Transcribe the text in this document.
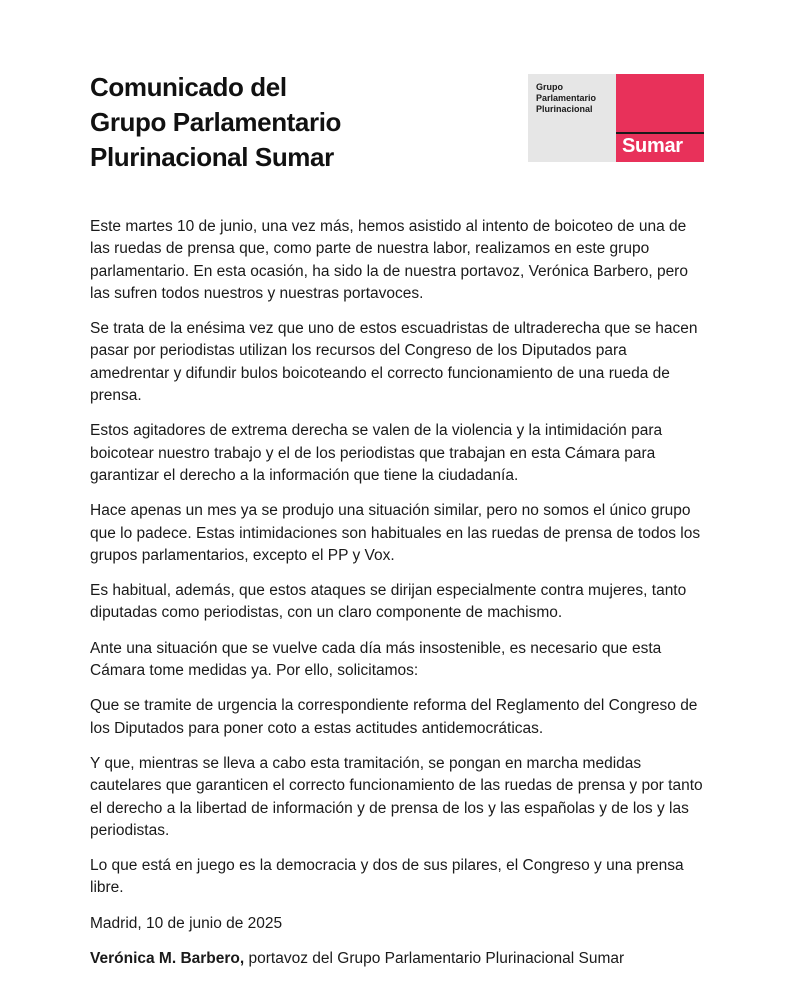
Comunicado del
Grupo Parlamentario
Plurinacional Sumar
Grupo
Parlamentario
Plurinacional
Sumar

Este martes 10 de junio, una vez más, hemos asistido al intento de boicoteo de una de las ruedas de prensa que, como parte de nuestra labor, realizamos en este grupo parlamentario. En esta ocasión, ha sido la de nuestra portavoz, Verónica Barbero, pero las sufren todos nuestros y nuestras portavoces.

Se trata de la enésima vez que uno de estos escuadristas de ultraderecha que se hacen pasar por periodistas utilizan los recursos del Congreso de los Diputados para amedrentar y difundir bulos boicoteando el correcto funcionamiento de una rueda de prensa.

Estos agitadores de extrema derecha se valen de la violencia y la intimidación para boicotear nuestro trabajo y el de los periodistas que trabajan en esta Cámara para garantizar el derecho a la información que tiene la ciudadanía.

Hace apenas un mes ya se produjo una situación similar, pero no somos el único grupo que lo padece. Estas intimidaciones son habituales en las ruedas de prensa de todos los grupos parlamentarios, excepto el PP y Vox.

Es habitual, además, que estos ataques se dirijan especialmente contra mujeres, tanto diputadas como periodistas, con un claro componente de machismo.

Ante una situación que se vuelve cada día más insostenible, es necesario que esta Cámara tome medidas ya. Por ello, solicitamos:

Que se tramite de urgencia la correspondiente reforma del Reglamento del Congreso de los Diputados para poner coto a estas actitudes antidemocráticas.

Y que, mientras se lleva a cabo esta tramitación, se pongan en marcha medidas cautelares que garanticen el correcto funcionamiento de las ruedas de prensa y por tanto el derecho a la libertad de información y de prensa de los y las españolas y de los y las periodistas.

Lo que está en juego es la democracia y dos de sus pilares, el Congreso y una prensa libre.

Madrid, 10 de junio de 2025

Verónica M. Barbero, portavoz del Grupo Parlamentario Plurinacional Sumar
